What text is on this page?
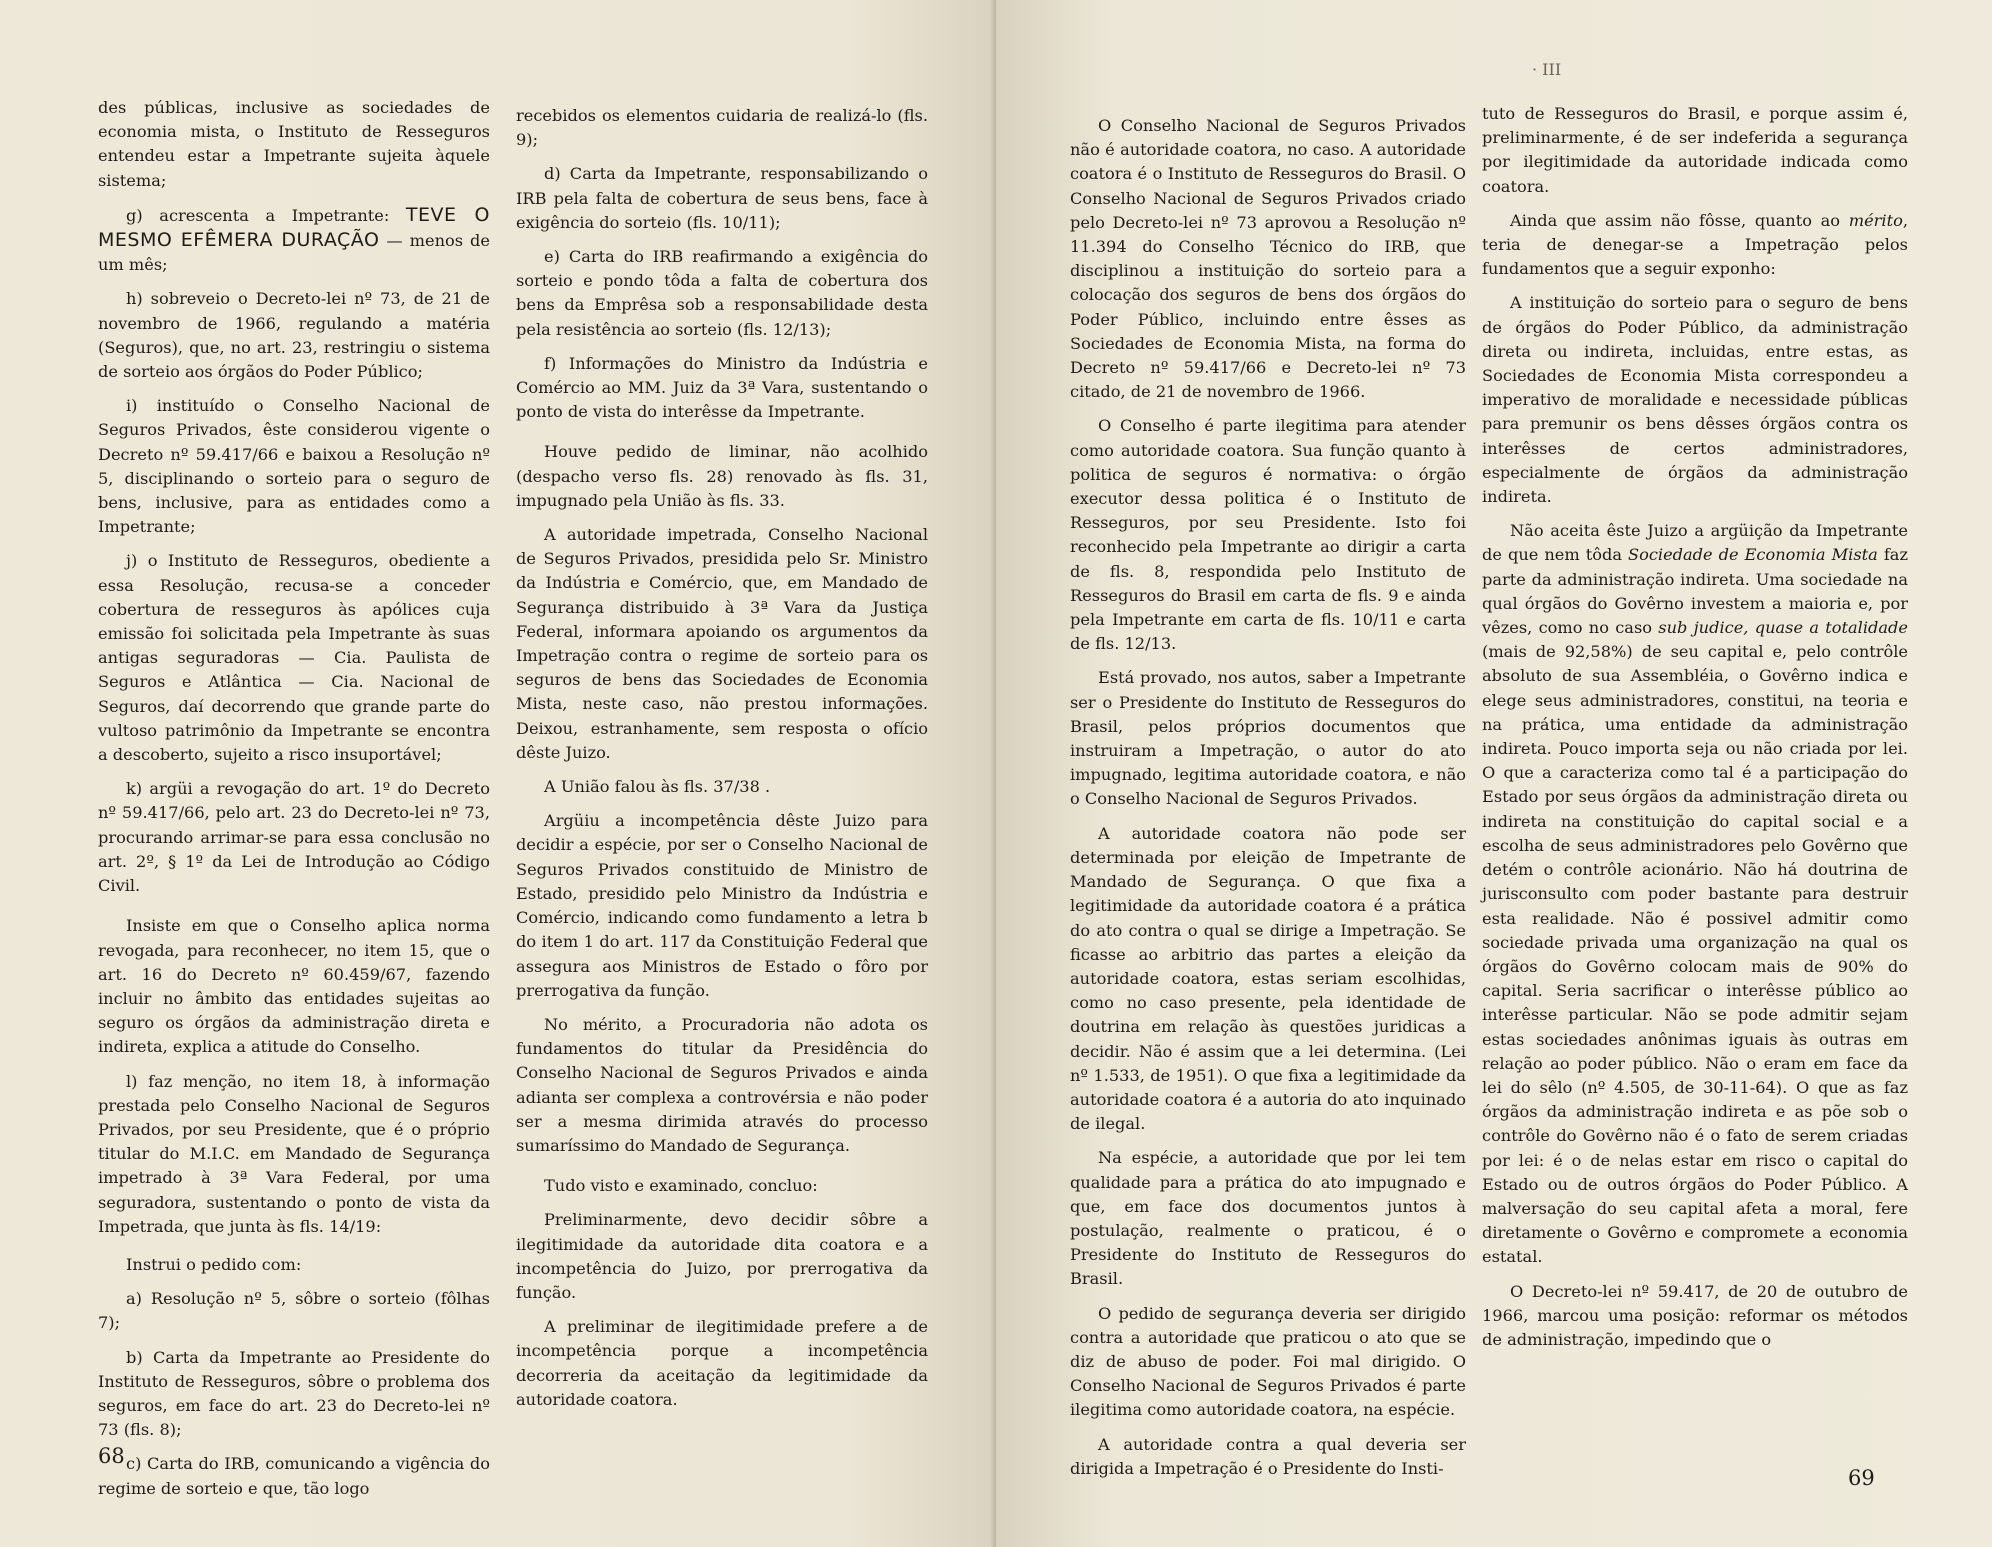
des públicas, inclusive as sociedades de economia mista, o Instituto de Resseguros entendeu estar a Impetrante sujeita àquele sistema;

g) acrescenta a Impetrante: TEVE O MESMO EFÊMERA DURAÇÃO — menos de um mês;

h) sobreveio o Decreto-lei nº 73, de 21 de novembro de 1966, regulando a matéria (Seguros), que, no art. 23, restringiu o sistema de sorteio aos órgãos do Poder Público;

i) instituído o Conselho Nacional de Seguros Privados, êste considerou vigente o Decreto nº 59.417/66 e baixou a Resolução nº 5, disciplinando o sorteio para o seguro de bens, inclusive, para as entidades como a Impetrante;

j) o Instituto de Resseguros, obediente a essa Resolução, recusa-se a conceder cobertura de resseguros às apólices cuja emissão foi solicitada pela Impetrante às suas antigas seguradoras — Cia. Paulista de Seguros e Atlântica — Cia. Nacional de Seguros, daí decorrendo que grande parte do vultoso patrimônio da Impetrante se encontra a descoberto, sujeito a risco insuportável;

k) argüi a revogação do art. 1º do Decreto nº 59.417/66, pelo art. 23 do Decreto-lei nº 73, procurando arrimar-se para essa conclusão no art. 2º, § 1º da Lei de Introdução ao Código Civil.

Insiste em que o Conselho aplica norma revogada, para reconhecer, no item 15, que o art. 16 do Decreto nº 60.459/67, fazendo incluir no âmbito das entidades sujeitas ao seguro os órgãos da administração direta e indireta, explica a atitude do Conselho.

l) faz menção, no item 18, à informação prestada pelo Conselho Nacional de Seguros Privados, por seu Presidente, que é o próprio titular do M.I.C. em Mandado de Segurança impetrado à 3ª Vara Federal, por uma seguradora, sustentando o ponto de vista da Impetrada, que junta às fls. 14/19:

Instrui o pedido com:

a) Resolução nº 5, sôbre o sorteio (fôlhas 7);

b) Carta da Impetrante ao Presidente do Instituto de Resseguros, sôbre o problema dos seguros, em face do art. 23 do Decreto-lei nº 73 (fls. 8);

c) Carta do IRB, comunicando a vigência do regime de sorteio e que, tão logo

recebidos os elementos cuidaria de realizá-lo (fls. 9);

d) Carta da Impetrante, responsabilizando o IRB pela falta de cobertura de seus bens, face à exigência do sorteio (fls. 10/11);

e) Carta do IRB reafirmando a exigência do sorteio e pondo tôda a falta de cobertura dos bens da Emprêsa sob a responsabilidade desta pela resistência ao sorteio (fls. 12/13);

f) Informações do Ministro da Indústria e Comércio ao MM. Juiz da 3ª Vara, sustentando o ponto de vista do interêsse da Impetrante.

Houve pedido de liminar, não acolhido (despacho verso fls. 28) renovado às fls. 31, impugnado pela União às fls. 33.

A autoridade impetrada, Conselho Nacional de Seguros Privados, presidida pelo Sr. Ministro da Indústria e Comércio, que, em Mandado de Segurança distribuido à 3ª Vara da Justiça Federal, informara apoiando os argumentos da Impetração contra o regime de sorteio para os seguros de bens das Sociedades de Economia Mista, neste caso, não prestou informações. Deixou, estranhamente, sem resposta o ofício dêste Juizo.

A União falou às fls. 37/38 .

Argüiu a incompetência dêste Juizo para decidir a espécie, por ser o Conselho Nacional de Seguros Privados constituido de Ministro de Estado, presidido pelo Ministro da Indústria e Comércio, indicando como fundamento a letra b do item 1 do art. 117 da Constituição Federal que assegura aos Ministros de Estado o fôro por prerrogativa da função.

No mérito, a Procuradoria não adota os fundamentos do titular da Presidência do Conselho Nacional de Seguros Privados e ainda adianta ser complexa a controvérsia e não poder ser a mesma dirimida através do processo sumaríssimo do Mandado de Segurança.

Tudo visto e examinado, concluo:

Preliminarmente, devo decidir sôbre a ilegitimidade da autoridade dita coatora e a incompetência do Juizo, por prerrogativa da função.

A preliminar de ilegitimidade prefere a de incompetência porque a incompetência decorreria da aceitação da legitimidade da autoridade coatora.

68
· III

O Conselho Nacional de Seguros Privados não é autoridade coatora, no caso. A autoridade coatora é o Instituto de Resseguros do Brasil. O Conselho Nacional de Seguros Privados criado pelo Decreto-lei nº 73 aprovou a Resolução nº 11.394 do Conselho Técnico do IRB, que disciplinou a instituição do sorteio para a colocação dos seguros de bens dos órgãos do Poder Público, incluindo entre êsses as Sociedades de Economia Mista, na forma do Decreto nº 59.417/66 e Decreto-lei nº 73 citado, de 21 de novembro de 1966.

O Conselho é parte ilegitima para atender como autoridade coatora. Sua função quanto à politica de seguros é normativa: o órgão executor dessa politica é o Instituto de Resseguros, por seu Presidente. Isto foi reconhecido pela Impetrante ao dirigir a carta de fls. 8, respondida pelo Instituto de Resseguros do Brasil em carta de fls. 9 e ainda pela Impetrante em carta de fls. 10/11 e carta de fls. 12/13.

Está provado, nos autos, saber a Impetrante ser o Presidente do Instituto de Resseguros do Brasil, pelos próprios documentos que instruiram a Impetração, o autor do ato impugnado, legitima autoridade coatora, e não o Conselho Nacional de Seguros Privados.

A autoridade coatora não pode ser determinada por eleição de Impetrante de Mandado de Segurança. O que fixa a legitimidade da autoridade coatora é a prática do ato contra o qual se dirige a Impetração. Se ficasse ao arbitrio das partes a eleição da autoridade coatora, estas seriam escolhidas, como no caso presente, pela identidade de doutrina em relação às questões juridicas a decidir. Não é assim que a lei determina. (Lei nº 1.533, de 1951). O que fixa a legitimidade da autoridade coatora é a autoria do ato inquinado de ilegal.

Na espécie, a autoridade que por lei tem qualidade para a prática do ato impugnado e que, em face dos documentos juntos à postulação, realmente o praticou, é o Presidente do Instituto de Resseguros do Brasil.

O pedido de segurança deveria ser dirigido contra a autoridade que praticou o ato que se diz de abuso de poder. Foi mal dirigido. O Conselho Nacional de Seguros Privados é parte ilegitima como autoridade coatora, na espécie.

A autoridade contra a qual deveria ser dirigida a Impetração é o Presidente do Insti-

tuto de Resseguros do Brasil, e porque assim é, preliminarmente, é de ser indeferida a segurança por ilegitimidade da autoridade indicada como coatora.

Ainda que assim não fôsse, quanto ao mérito, teria de denegar-se a Impetração pelos fundamentos que a seguir exponho:

A instituição do sorteio para o seguro de bens de órgãos do Poder Público, da administração direta ou indireta, incluidas, entre estas, as Sociedades de Economia Mista correspondeu a imperativo de moralidade e necessidade públicas para premunir os bens dêsses órgãos contra os interêsses de certos administradores, especialmente de órgãos da administração indireta.

Não aceita êste Juizo a argüição da Impetrante de que nem tôda Sociedade de Economia Mista faz parte da administração indireta. Uma sociedade na qual órgãos do Govêrno investem a maioria e, por vêzes, como no caso sub judice, quase a totalidade (mais de 92,58%) de seu capital e, pelo contrôle absoluto de sua Assembléia, o Govêrno indica e elege seus administradores, constitui, na teoria e na prática, uma entidade da administração indireta. Pouco importa seja ou não criada por lei. O que a caracteriza como tal é a participação do Estado por seus órgãos da administração direta ou indireta na constituição do capital social e a escolha de seus administradores pelo Govêrno que detém o contrôle acionário. Não há doutrina de jurisconsulto com poder bastante para destruir esta realidade. Não é possivel admitir como sociedade privada uma organização na qual os órgãos do Govêrno colocam mais de 90% do capital. Seria sacrificar o interêsse público ao interêsse particular. Não se pode admitir sejam estas sociedades anônimas iguais às outras em relação ao poder público. Não o eram em face da lei do sêlo (nº 4.505, de 30-11-64). O que as faz órgãos da administração indireta e as põe sob o contrôle do Govêrno não é o fato de serem criadas por lei: é o de nelas estar em risco o capital do Estado ou de outros órgãos do Poder Público. A malversação do seu capital afeta a moral, fere diretamente o Govêrno e compromete a economia estatal.

O Decreto-lei nº 59.417, de 20 de outubro de 1966, marcou uma posição: reformar os métodos de administração, impedindo que o

69
